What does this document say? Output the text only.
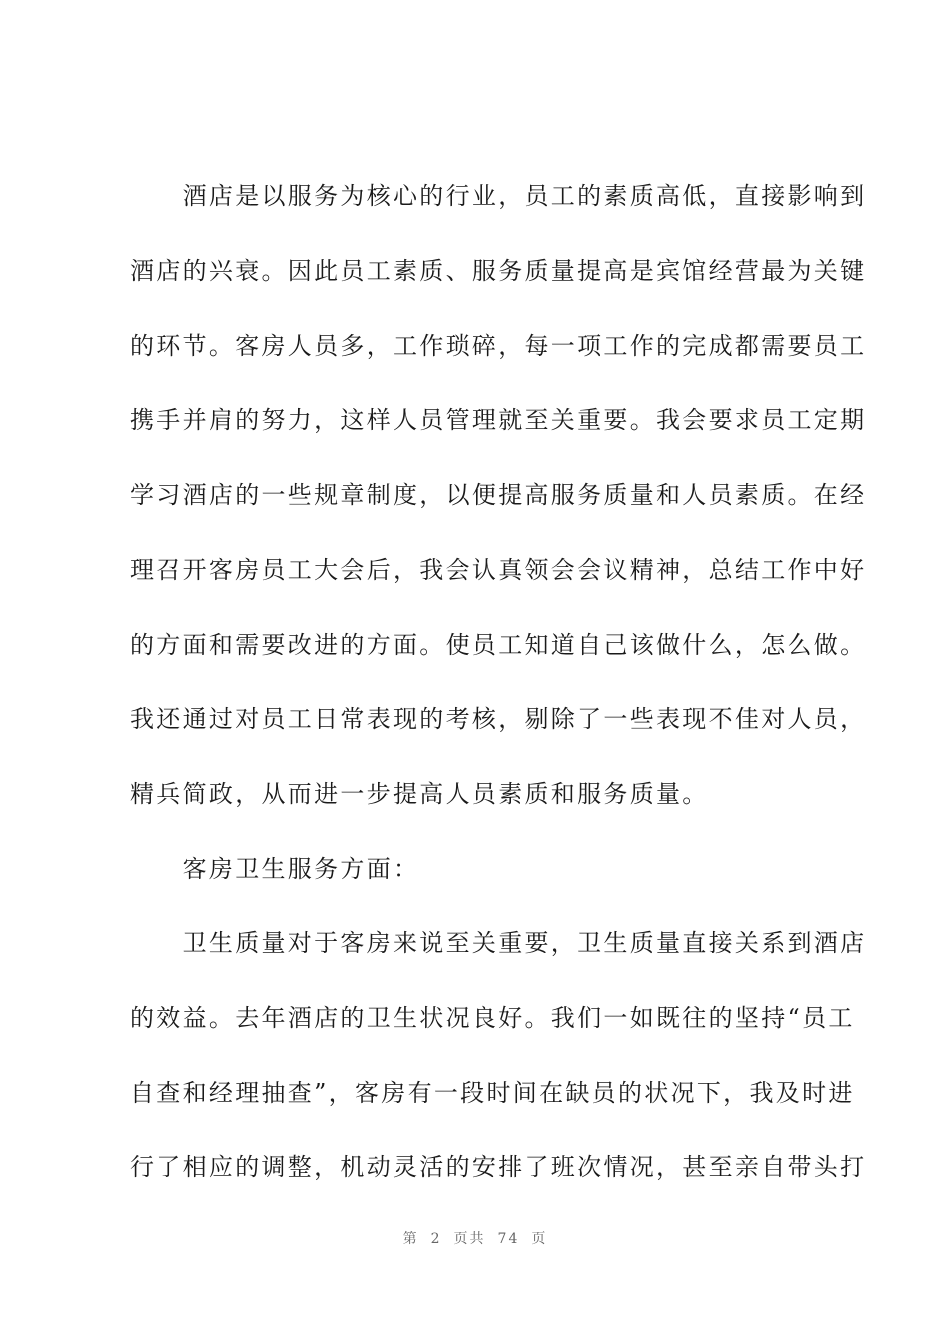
　　酒店是以服务为核心的行业，员工的素质高低，直接影响到
酒店的兴衰。因此员工素质、服务质量提高是宾馆经营最为关键
的环节。客房人员多，工作琐碎，每一项工作的完成都需要员工
携手并肩的努力，这样人员管理就至关重要。我会要求员工定期
学习酒店的一些规章制度，以便提高服务质量和人员素质。在经
理召开客房员工大会后，我会认真领会会议精神，总结工作中好
的方面和需要改进的方面。使员工知道自己该做什么，怎么做。
我还通过对员工日常表现的考核，剔除了一些表现不佳对人员，
精兵简政，从而进一步提高人员素质和服务质量。
　　客房卫生服务方面：
　　卫生质量对于客房来说至关重要，卫生质量直接关系到酒店
的效益。去年酒店的卫生状况良好。我们一如既往的坚持“员工
自查和经理抽查”，客房有一段时间在缺员的状况下，我及时进
行了相应的调整，机动灵活的安排了班次情况，甚至亲自带头打
第 2 页共 74 页
